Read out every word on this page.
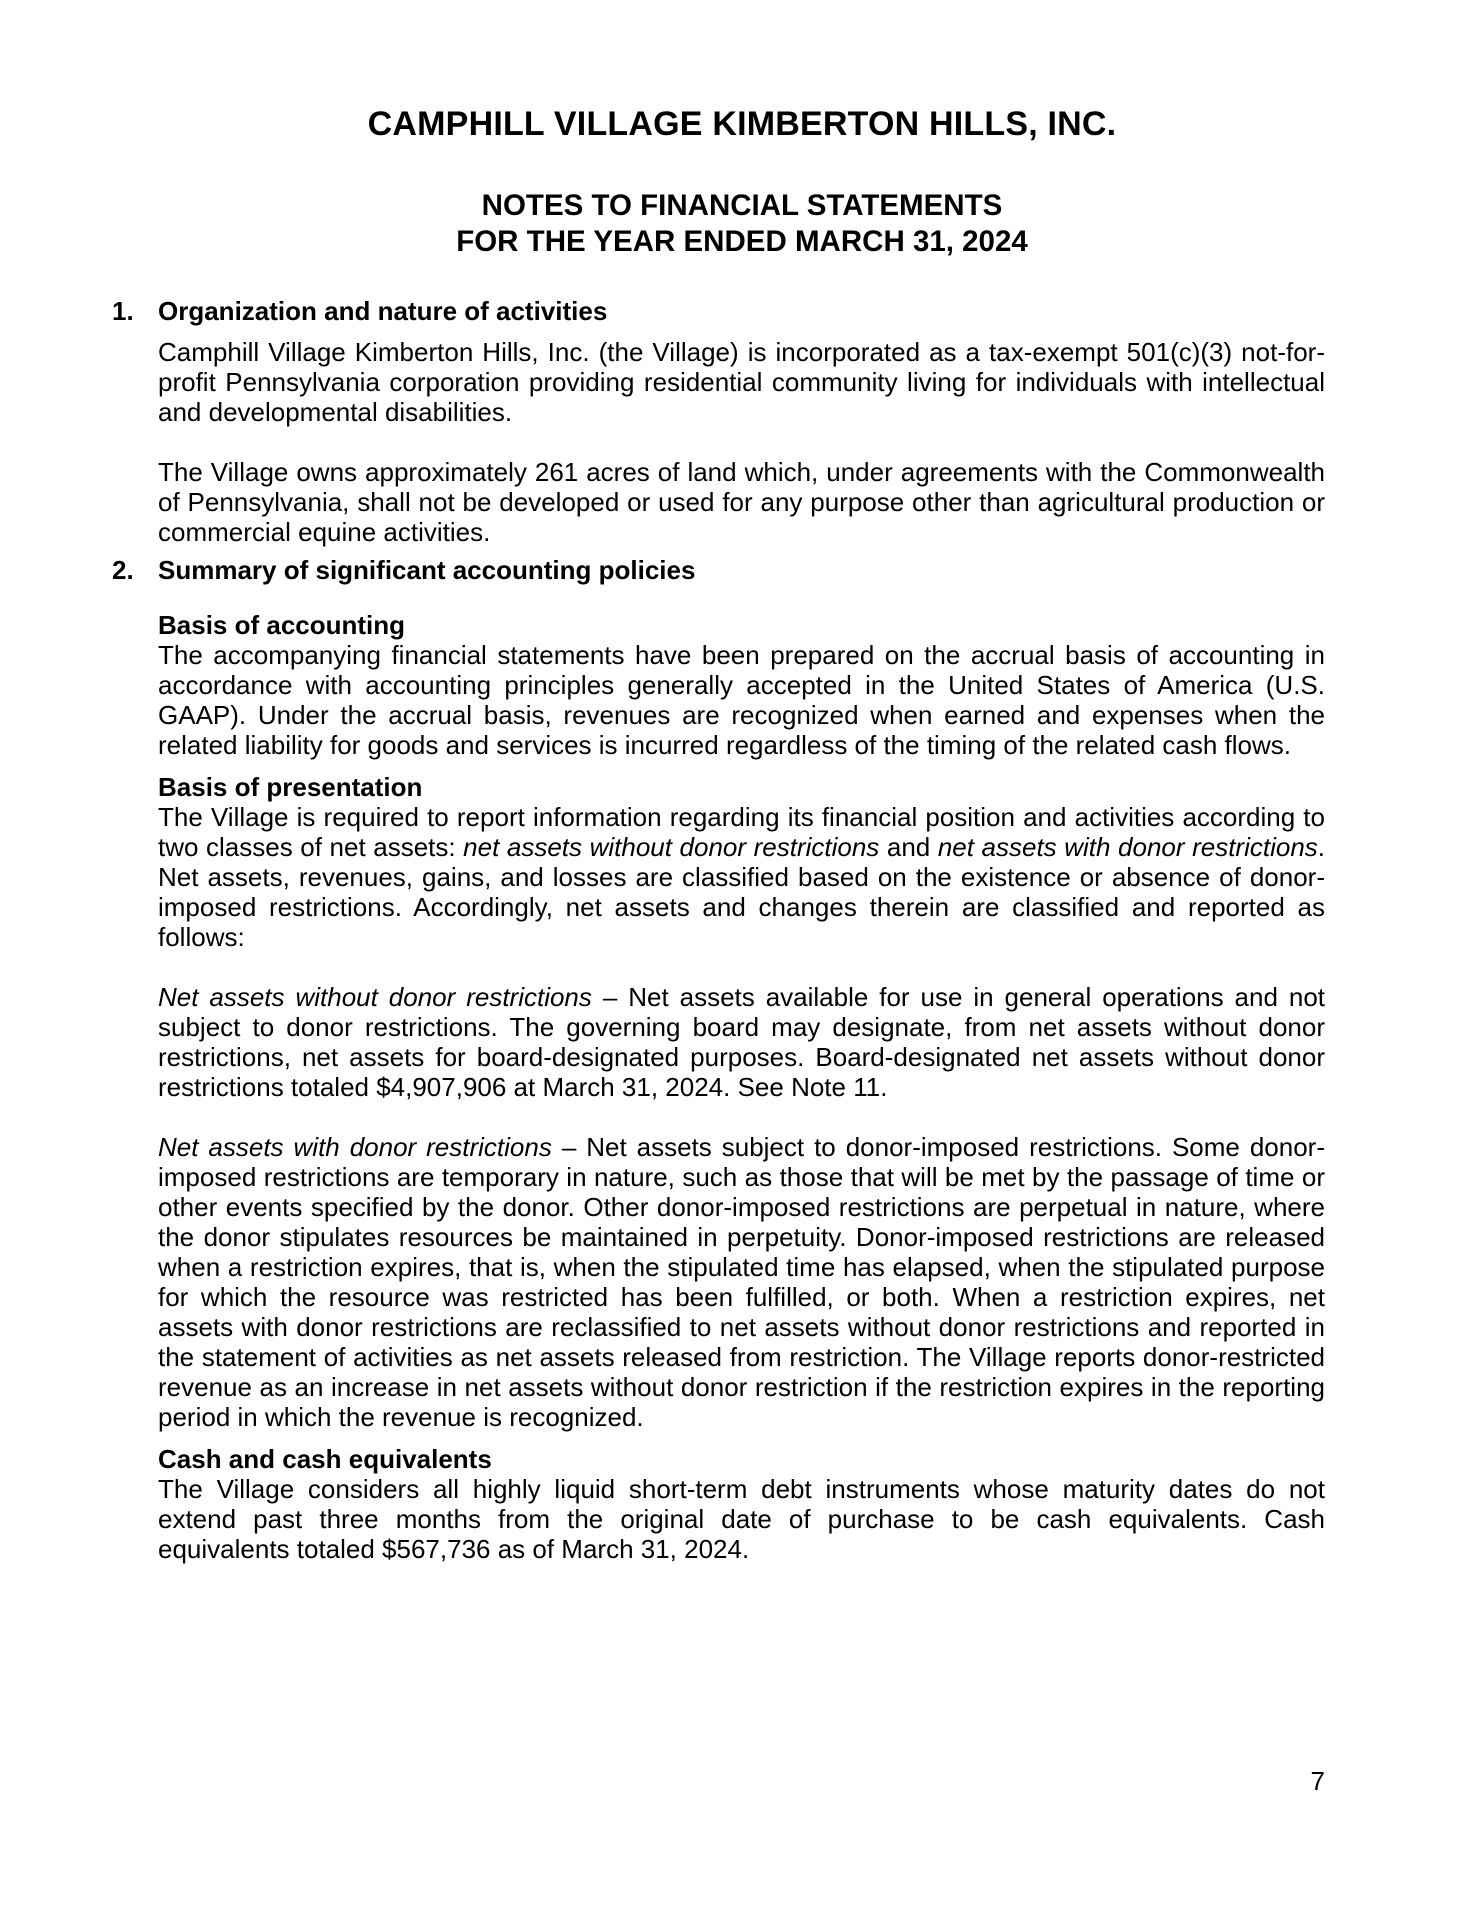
CAMPHILL VILLAGE KIMBERTON HILLS, INC.
NOTES TO FINANCIAL STATEMENTS
FOR THE YEAR ENDED MARCH 31, 2024
1. Organization and nature of activities

Camphill Village Kimberton Hills, Inc. (the Village) is incorporated as a tax-exempt 501(c)(3) not-for-profit Pennsylvania corporation providing residential community living for individuals with intellectual and developmental disabilities.

The Village owns approximately 261 acres of land which, under agreements with the Commonwealth of Pennsylvania, shall not be developed or used for any purpose other than agricultural production or commercial equine activities.

2. Summary of significant accounting policies
Basis of accounting

The accompanying financial statements have been prepared on the accrual basis of accounting in accordance with accounting principles generally accepted in the United States of America (U.S. GAAP). Under the accrual basis, revenues are recognized when earned and expenses when the related liability for goods and services is incurred regardless of the timing of the related cash flows.

Basis of presentation

The Village is required to report information regarding its financial position and activities according to two classes of net assets: net assets without donor restrictions and net assets with donor restrictions. Net assets, revenues, gains, and losses are classified based on the existence or absence of donor-imposed restrictions. Accordingly, net assets and changes therein are classified and reported as follows:

Net assets without donor restrictions – Net assets available for use in general operations and not subject to donor restrictions. The governing board may designate, from net assets without donor restrictions, net assets for board-designated purposes. Board-designated net assets without donor restrictions totaled $4,907,906 at March 31, 2024. See Note 11.

Net assets with donor restrictions – Net assets subject to donor-imposed restrictions. Some donor-imposed restrictions are temporary in nature, such as those that will be met by the passage of time or other events specified by the donor. Other donor-imposed restrictions are perpetual in nature, where the donor stipulates resources be maintained in perpetuity. Donor-imposed restrictions are released when a restriction expires, that is, when the stipulated time has elapsed, when the stipulated purpose for which the resource was restricted has been fulfilled, or both. When a restriction expires, net assets with donor restrictions are reclassified to net assets without donor restrictions and reported in the statement of activities as net assets released from restriction. The Village reports donor-restricted revenue as an increase in net assets without donor restriction if the restriction expires in the reporting period in which the revenue is recognized.

Cash and cash equivalents

The Village considers all highly liquid short-term debt instruments whose maturity dates do not extend past three months from the original date of purchase to be cash equivalents. Cash equivalents totaled $567,736 as of March 31, 2024.

7
